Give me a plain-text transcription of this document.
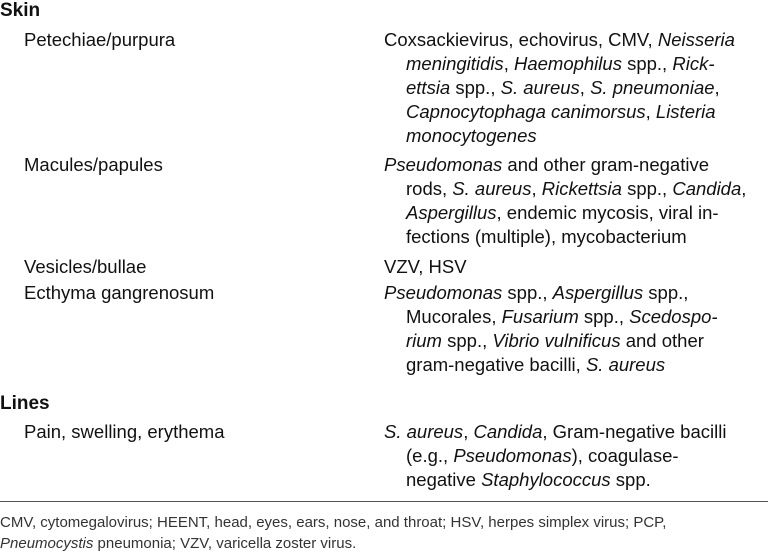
Skin
Petechiae/purpura	Coxsackievirus, echovirus, CMV, Neisseria
meningitidis, Haemophilus spp., Rick-
ettsia spp., S. aureus, S. pneumoniae,
Capnocytophaga canimorsus, Listeria
monocytogenes
Macules/papules	Pseudomonas and other gram-negative
rods, S. aureus, Rickettsia spp., Candida,
Aspergillus, endemic mycosis, viral in-
fections (multiple), mycobacterium
Vesicles/bullae	VZV, HSV
Ecthyma gangrenosum	Pseudomonas spp., Aspergillus spp.,
Mucorales, Fusarium spp., Scedospo-
rium spp., Vibrio vulnificus and other
gram-negative bacilli, S. aureus
Lines
Pain, swelling, erythema	S. aureus, Candida, Gram-negative bacilli
(e.g., Pseudomonas), coagulase-
negative Staphylococcus spp.
CMV, cytomegalovirus; HEENT, head, eyes, ears, nose, and throat; HSV, herpes simplex virus; PCP,
Pneumocystis pneumonia; VZV, varicella zoster virus.
